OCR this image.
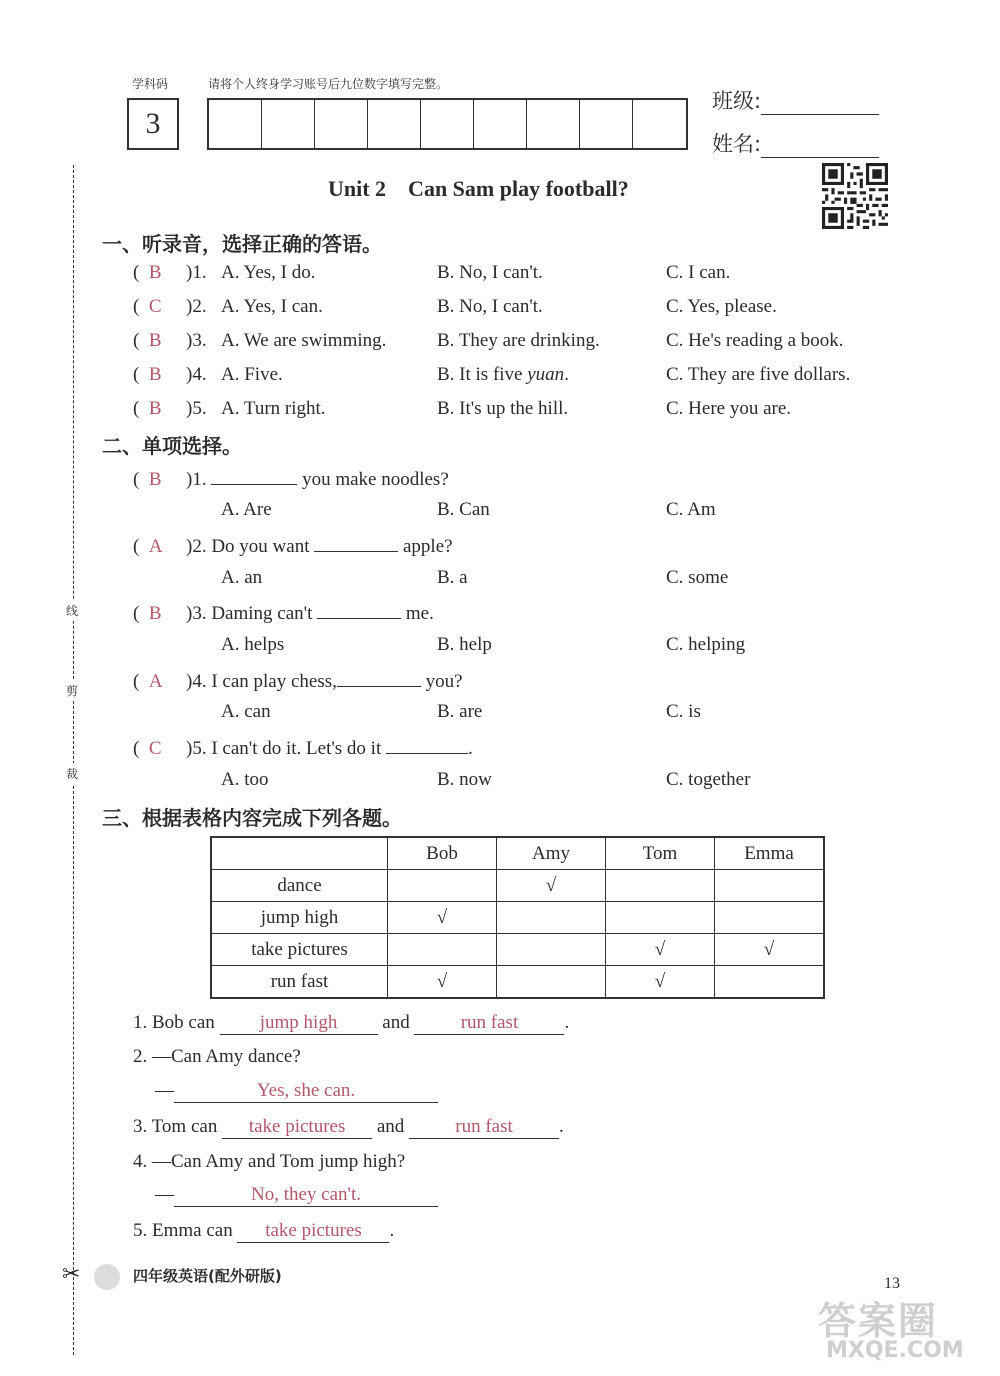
线
剪
裁
✂
学科码	请将个人终身学习账号后九位数字填写完整。
3
班级:
姓名:
Unit 2    Can Sam play football?
一、听录音，选择正确的答语。
(  B	)1. A. Yes, I do.	B. No, I can't.	C. I can.
(  C	)2. A. Yes, I can.	B. No, I can't.	C. Yes, please.
(  B	)3. A. We are swimming.	B. They are drinking.	C. He's reading a book.
(  B	)4. A. Five.	B. It is five yuan.	C. They are five dollars.
(  B	)5. A. Turn right.	B. It's up the hill.	C. Here you are.
二、单项选择。
(  B )1.	you make noodles?
A. Are	B. Can	C. Am
(  A )2. Do you want	apple?
A. an	B. a	C. some
(  B )3. Daming can't	me.
A. helps	B. help	C. helping
(  A )4. I can play chess,	you?
A. can	B. are	C. is
(  C )5. I can't do it. Let's do it	.
A. too	B. now	C. together
三、根据表格内容完成下列各题。
	Bob	Amy	Tom	Emma
dance		√		
jump high	√			
take pictures			√	√
run fast	√		√	
1. Bob can jump high and	run fast .
2. —Can Amy dance?
—	Yes, she can.
3. Tom can take pictures and	run fast .
4. —Can Amy and Tom jump high?
—	No, they can't.
5. Emma can take pictures .
四年级英语(配外研版)	13
答案圈
MXQE.COM
